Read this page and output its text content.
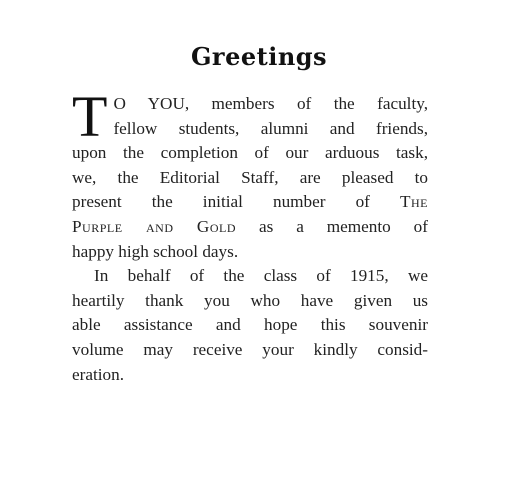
Greetings
T O YOU, members of the faculty,
fellow students, alumni and friends,
upon the completion of our arduous task,
we, the Editorial Staff, are pleased to
present the initial number of The
Purple and Gold as a memento of
happy high school days.
In behalf of the class of 1915, we
heartily thank you who have given us
able assistance and hope this souvenir
volume may receive your kindly consid-
eration.
